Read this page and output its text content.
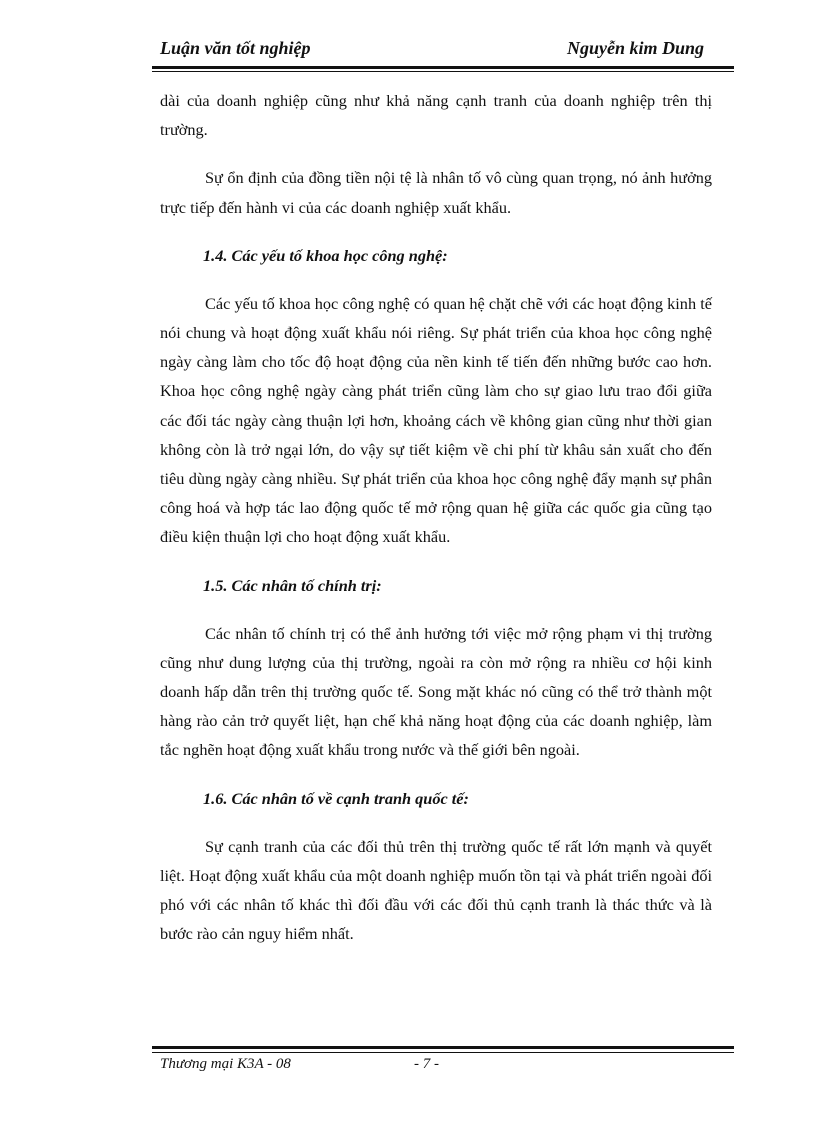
Luận văn tốt nghiệp	Nguyễn kim Dung

dài của doanh nghiệp cũng như khả năng cạnh tranh của doanh nghiệp trên thị trường.

Sự ổn định của đồng tiền nội tệ là nhân tố vô cùng quan trọng, nó ảnh hưởng trực tiếp đến hành vi của các doanh nghiệp xuất khẩu.

1.4. Các yếu tố khoa học công nghệ:

Các yếu tố khoa học công nghệ có quan hệ chặt chẽ với các hoạt động kinh tế nói chung và hoạt động xuất khẩu nói riêng. Sự phát triển của khoa học công nghệ ngày càng làm cho tốc độ hoạt động của nền kinh tế tiến đến những bước cao hơn. Khoa học công nghệ ngày càng phát triển cũng làm cho sự giao lưu trao đổi giữa các đối tác ngày càng thuận lợi hơn, khoảng cách về không gian cũng như thời gian không còn là trở ngại lớn, do vậy sự tiết kiệm về chi phí từ khâu sản xuất cho đến tiêu dùng ngày càng nhiều. Sự phát triển của khoa học công nghệ đẩy mạnh sự phân công hoá và hợp tác lao động quốc tế mở rộng quan hệ giữa các quốc gia cũng tạo điều kiện thuận lợi cho hoạt động xuất khẩu.

1.5. Các nhân tố chính trị:

Các nhân tố chính trị có thể ảnh hưởng tới việc mở rộng phạm vi thị trường cũng như dung lượng của thị trường, ngoài ra còn mở rộng ra nhiều cơ hội kinh doanh hấp dẫn trên thị trường quốc tế. Song mặt khác nó cũng có thể trở thành một hàng rào cản trở quyết liệt, hạn chế khả năng hoạt động của các doanh nghiệp, làm tắc nghẽn hoạt động xuất khẩu trong nước và thế giới bên ngoài.

1.6. Các nhân tố về cạnh tranh quốc tế:

Sự cạnh tranh của các đối thủ trên thị trường quốc tế rất lớn mạnh và quyết liệt. Hoạt động xuất khẩu của một doanh nghiệp muốn tồn tại và phát triển ngoài đối phó với các nhân tố khác thì đối đầu với các đối thủ cạnh tranh là thác thức và là bước rào cản nguy hiểm nhất.

Thương mại K3A - 08	- 7 -
